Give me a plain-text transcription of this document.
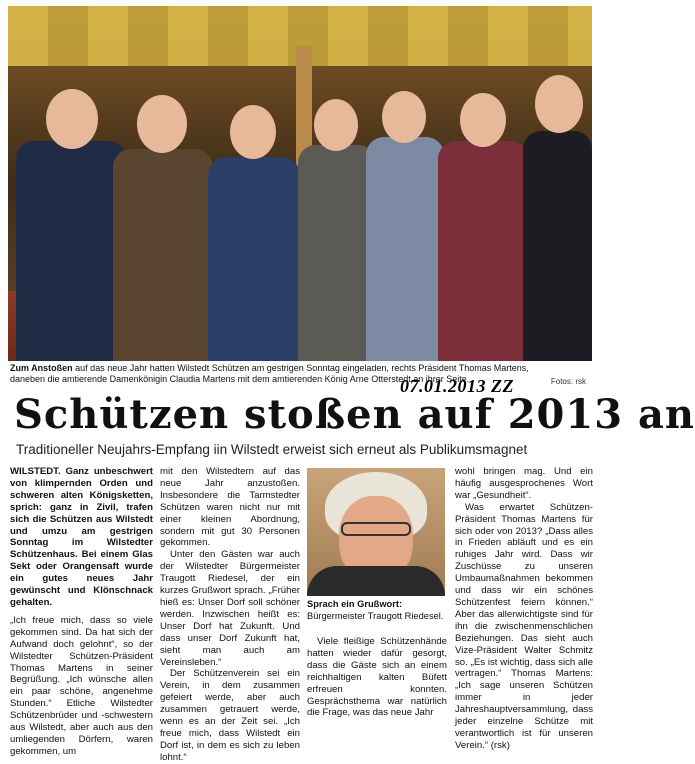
Zum Anstoßen auf das neue Jahr hatten Wilstedt Schützen am gestrigen Sonntag eingeladen, rechts Präsident Thomas Martens, daneben die amtierende Damenkönigin Claudia Martens mit dem amtierenden König Arne Otterstedt an ihrer Seite.	Fotos: rsk
07.01.2013 ZZ
Schützen stoßen auf 2013 an
Traditioneller Neujahrs-Empfang iin Wilstedt erweist sich erneut als Publikumsmagnet

WILSTEDT. Ganz unbeschwert von klimpernden Orden und schweren alten Königsketten, sprich: ganz in Zivil, trafen sich die Schützen aus Wilstedt und umzu am gestrigen Sonntag im Wilstedter Schützenhaus. Bei einem Glas Sekt oder Orangensaft wurde ein gutes neues Jahr gewünscht und Klönschnack gehalten.

„Ich freue mich, dass so viele gekommen sind. Da hat sich der Aufwand doch gelohnt“, so der Wilstedter Schützen-Präsident Thomas Martens in seiner Begrüßung. „Ich wünsche allen ein paar schöne, angenehme Stunden.“ Etliche Wilstedter Schützenbrüder und -schwestern aus Wilstedt, aber auch aus den umliegenden Dörfern, waren gekommen, um

mit den Wilstedtern auf das neue Jahr anzustoßen. Insbesondere die Tarmstedter Schützen waren nicht nur mit einer kleinen Abordnung, sondern mit gut 30 Personen gekommen.

Unter den Gästen war auch der Wilstedter Bürgermeister Traugott Riedesel, der ein kurzes Grußwort sprach. „Früher hieß es: Unser Dorf soll schöner werden. Inzwischen heißt es: Unser Dorf hat Zukunft. Und dass unser Dorf Zukunft hat, sieht man auch am Vereinsleben.“

Der Schützenverein sei ein Verein, in dem zusammen gefeiert werde, aber auch zusammen getrauert werde, wenn es an der Zeit sei. „Ich freue mich, dass Wilstedt ein Dorf ist, in dem es sich zu leben lohnt.“

Sprach ein Grußwort: Bürgermeister Traugott Riedesel.

Viele fleißige Schützenhände hatten wieder dafür gesorgt, dass die Gäste sich an einem reichhaltigen kalten Büfett erfreuen konnten. Gesprächsthema war natürlich die Frage, was das neue Jahr

wohl bringen mag. Und ein häufig ausgesprochenes Wort war „Gesundheit“.

Was erwartet Schützen-Präsident Thomas Martens für sich oder von 2013? „Dass alles in Frieden abläuft und es ein ruhiges Jahr wird. Dass wir Zuschüsse zu unseren Umbaumaßnahmen bekommen und dass wir ein schönes Schützenfest feiern können.“ Aber das allerwichtigste sind für ihn die zwischenmenschlichen Beziehungen. Das sieht auch Vize-Präsident Walter Schmitz so. „Es ist wichtig, dass sich alle vertragen.“ Thomas Martens: „Ich sage unseren Schützen immer in jeder Jahreshauptversammlung, dass jeder einzelne Schütze mit verantwortlich ist für unseren Verein.“ (rsk)
